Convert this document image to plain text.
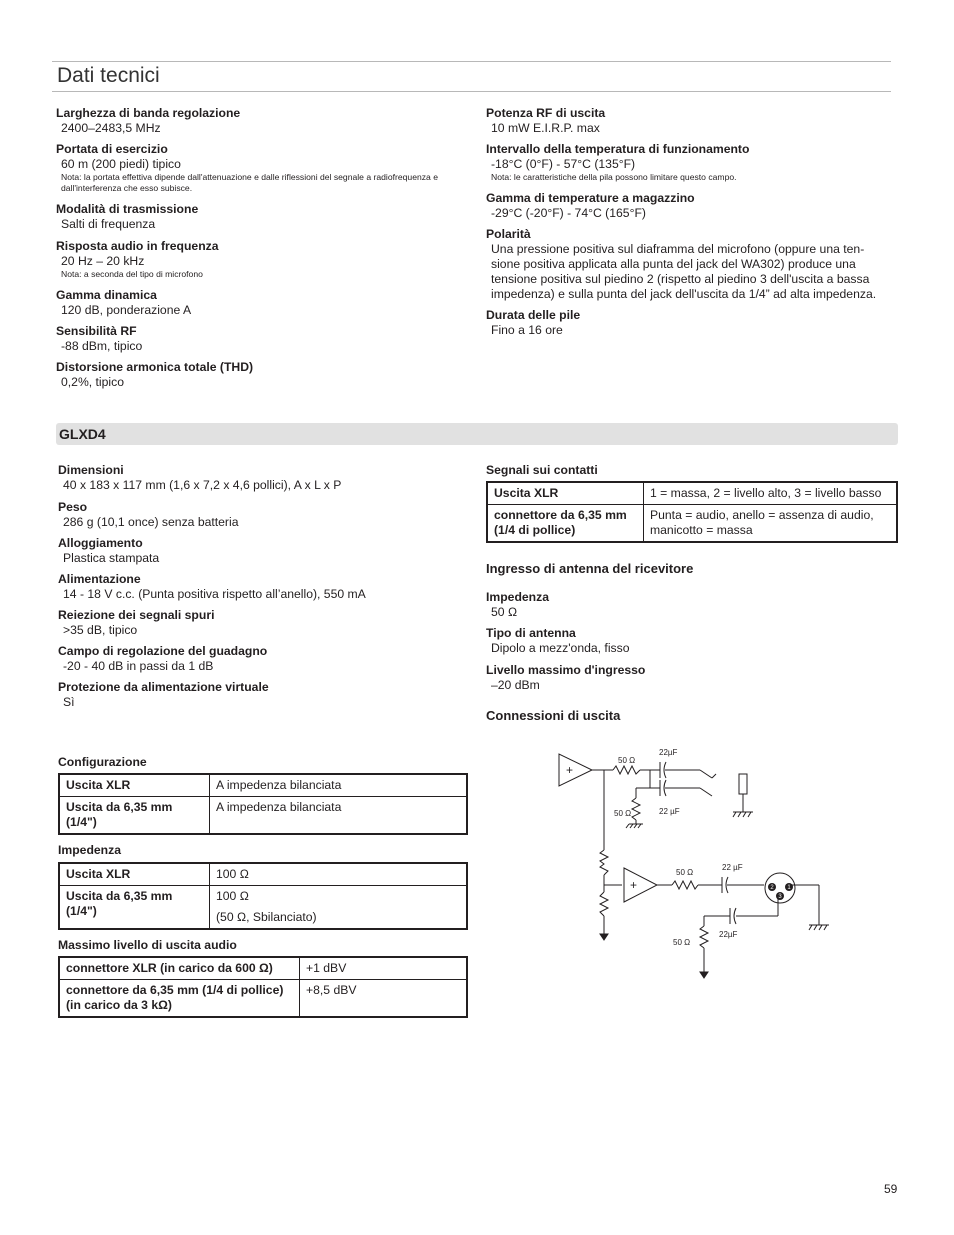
Dati tecnici
Larghezza di banda regolazione
2400–2483,5 MHz
Portata di esercizio
60 m (200 piedi) tipico
Nota: la portata effettiva dipende dall'attenuazione e dalle riflessioni del segnale a radiofrequenza e dall'interferenza che esso subisce.
Modalità di trasmissione
Salti di frequenza
Risposta audio in frequenza
20 Hz – 20 kHz
Nota: a seconda del tipo di microfono
Gamma dinamica
120 dB, ponderazione A
Sensibilità RF
-88 dBm, tipico
Distorsione armonica totale (THD)
0,2%, tipico
Potenza RF di uscita
10 mW E.I.R.P. max
Intervallo della temperatura di funzionamento
-18°C (0°F) - 57°C (135°F)
Nota: le caratteristiche della pila possono limitare questo campo.
Gamma di temperature a magazzino
-29°C (-20°F) - 74°C (165°F)
Polarità
Una pressione positiva sul diaframma del microfono (oppure una ten-sione positiva applicata alla punta del jack del WA302) produce una tensione positiva sul piedino 2 (rispetto al piedino 3 dell'uscita a bassa impedenza) e sulla punta del jack dell'uscita da 1/4” ad alta impedenza.
Durata delle pile
Fino a 16 ore
GLXD4
Dimensioni
40 x 183 x 117 mm (1,6 x 7,2 x 4,6 pollici), A x L x P
Peso
286 g (10,1 once) senza batteria
Alloggiamento
Plastica stampata
Alimentazione
14 - 18 V c.c. (Punta positiva rispetto all’anello), 550 mA
Reiezione dei segnali spuri
>35 dB, tipico
Campo di regolazione del guadagno
-20 - 40 dB in passi da 1 dB
Protezione da alimentazione virtuale
Sì
Configurazione
Uscita XLR	A impedenza bilanciata
Uscita da 6,35 mm (1/4")	A impedenza bilanciata
Impedenza
Uscita XLR	100 Ω
Uscita da 6,35 mm (1/4")	100 Ω
(50 Ω, Sbilanciato)
Massimo livello di uscita audio
connettore XLR (in carico da 600 Ω)	+1 dBV
connettore da 6,35 mm (1/4 di pollice) (in carico da 3 kΩ)	+8,5 dBV
Segnali sui contatti
Uscita XLR	1 = massa, 2 = livello alto, 3 = livello basso
connettore da 6,35 mm (1/4 di pollice)	Punta = audio, anello = assenza di audio, manicotto = massa
Ingresso di antenna del ricevitore
Impedenza
50 Ω
Tipo di antenna
Dipolo a mezz'onda, fisso
Livello massimo d'ingresso
–20 dBm
Connessioni di uscita
2 1
3
+
+
50 Ω
22µF
50 Ω	22 µF
50 Ω
22 µF
50 Ω
22µF
59
